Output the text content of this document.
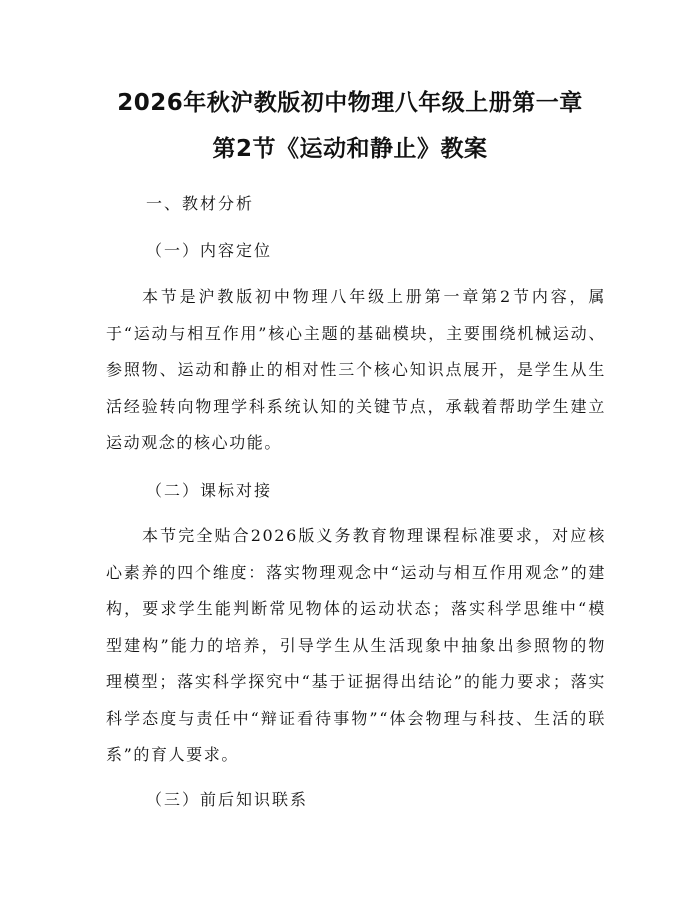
2026年秋沪教版初中物理八年级上册第一章
第2节《运动和静止》教案
一、教材分析
（一）内容定位
本节是沪教版初中物理八年级上册第一章第2节内容，属于“运动与相互作用”核心主题的基础模块，主要围绕机械运动、参照物、运动和静止的相对性三个核心知识点展开，是学生从生活经验转向物理学科系统认知的关键节点，承载着帮助学生建立运动观念的核心功能。
（二）课标对接
本节完全贴合2026版义务教育物理课程标准要求，对应核心素养的四个维度：落实物理观念中“运动与相互作用观念”的建构，要求学生能判断常见物体的运动状态；落实科学思维中“模型建构”能力的培养，引导学生从生活现象中抽象出参照物的物理模型；落实科学探究中“基于证据得出结论”的能力要求；落实科学态度与责任中“辩证看待事物”“体会物理与科技、生活的联系”的育人要求。
（三）前后知识联系
